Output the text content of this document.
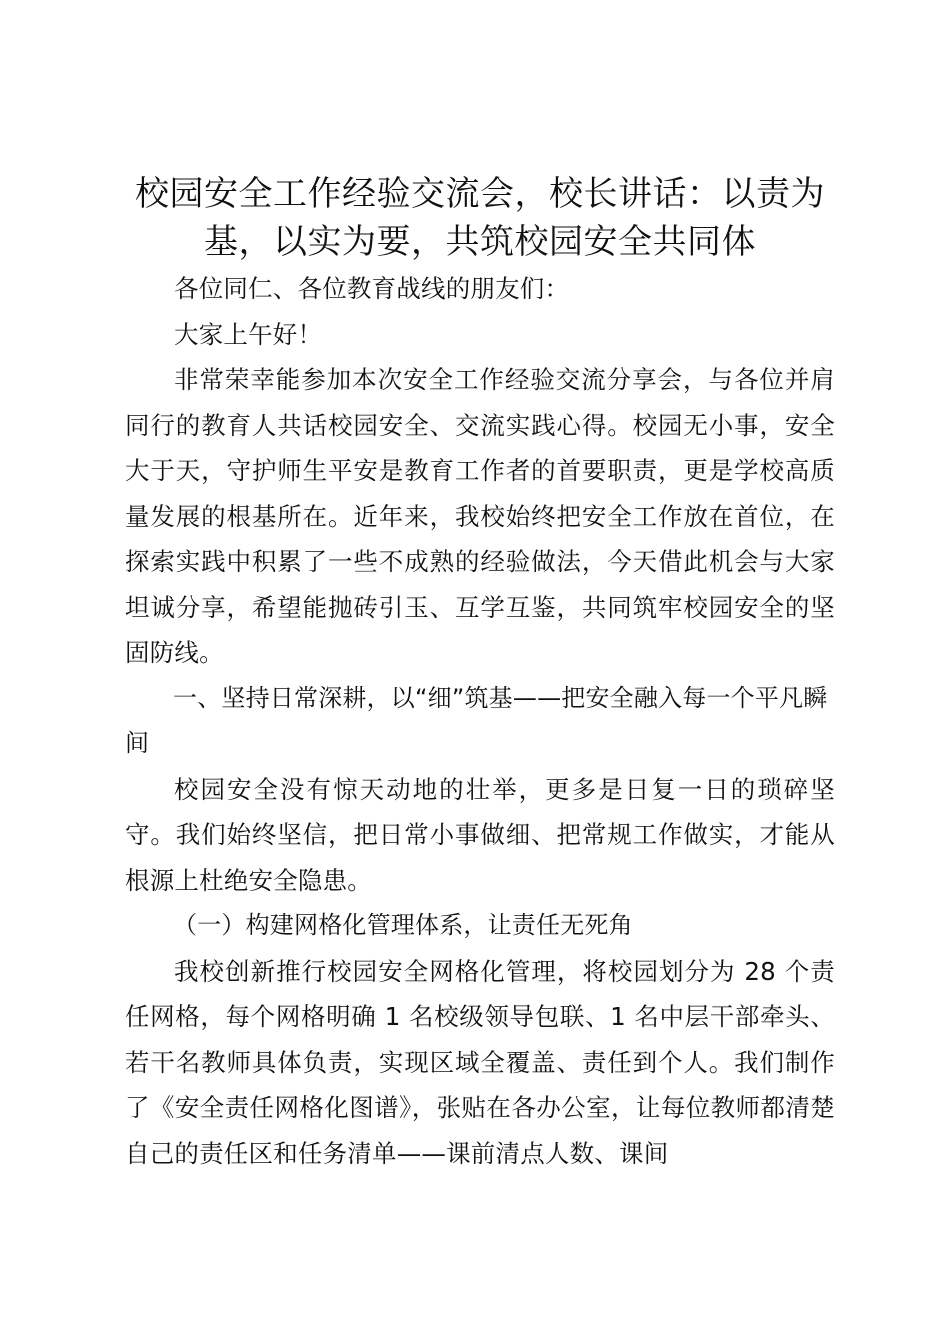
校园安全工作经验交流会，校长讲话：以责为基，以实为要，共筑校园安全共同体

各位同仁、各位教育战线的朋友们：

大家上午好！

非常荣幸能参加本次安全工作经验交流分享会，与各位并肩同行的教育人共话校园安全、交流实践心得。校园无小事，安全大于天，守护师生平安是教育工作者的首要职责，更是学校高质量发展的根基所在。近年来，我校始终把安全工作放在首位，在探索实践中积累了一些不成熟的经验做法，今天借此机会与大家坦诚分享，希望能抛砖引玉、互学互鉴，共同筑牢校园安全的坚固防线。

一、坚持日常深耕，以“细”筑基——把安全融入每一个平凡瞬间

校园安全没有惊天动地的壮举，更多是日复一日的琐碎坚守。我们始终坚信，把日常小事做细、把常规工作做实，才能从根源上杜绝安全隐患。

（一）构建网格化管理体系，让责任无死角

我校创新推行校园安全网格化管理，将校园划分为 28 个责任网格，每个网格明确 1 名校级领导包联、1 名中层干部牵头、若干名教师具体负责，实现区域全覆盖、责任到个人。我们制作了《安全责任网格化图谱》，张贴在各办公室，让每位教师都清楚自己的责任区和任务清单——课前清点人数、课间
